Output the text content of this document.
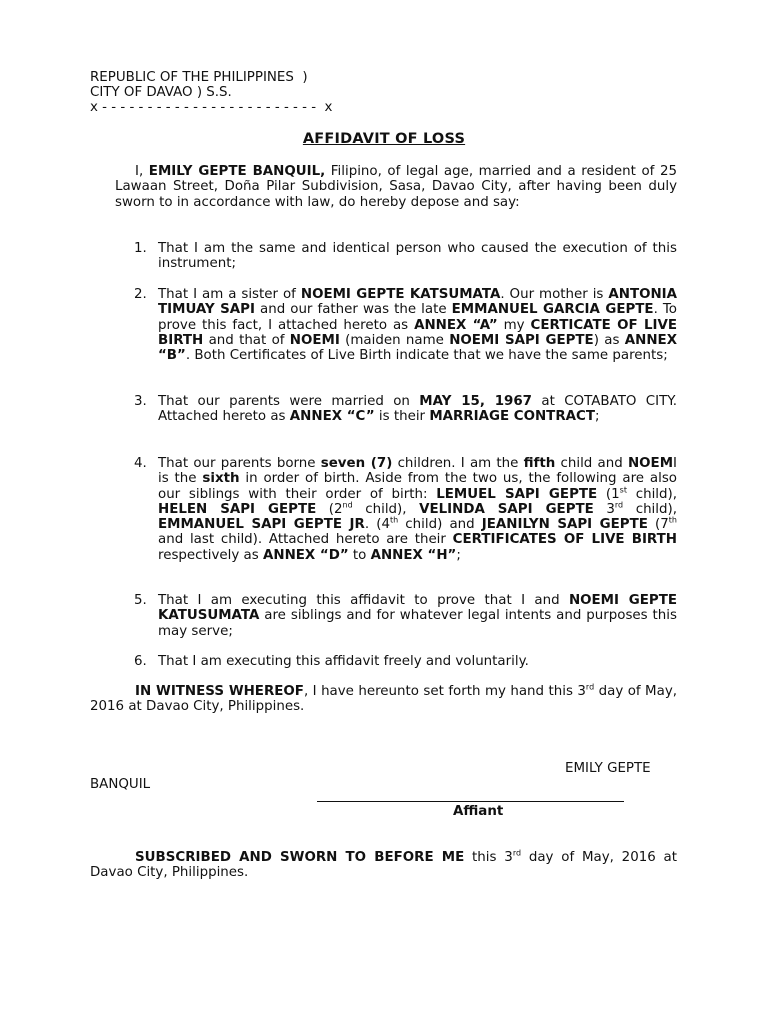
REPUBLIC OF THE PHILIPPINES  )
CITY OF DAVAO ) S.S.
x - - - - - - - - - - - - - - - - - - - - - - - -  x
AFFIDAVIT OF LOSS
I, EMILY GEPTE BANQUIL, Filipino, of legal age, married and a resident of 25 Lawaan Street, Doña Pilar Subdivision, Sasa, Davao City, after having been duly sworn to in accordance with law, do hereby depose and say:
1. That I am the same and identical person who caused the execution of this instrument;
2. That I am a sister of NOEMI GEPTE KATSUMATA. Our mother is ANTONIA TIMUAY SAPI and our father was the late EMMANUEL GARCIA GEPTE. To prove this fact, I attached hereto as ANNEX “A” my CERTICATE OF LIVE BIRTH and that of NOEMI (maiden name NOEMI SAPI GEPTE) as ANNEX “B”. Both Certificates of Live Birth indicate that we have the same parents;
3. That our parents were married on MAY 15, 1967 at COTABATO CITY. Attached hereto as ANNEX “C” is their MARRIAGE CONTRACT;
4. That our parents borne seven (7) children. I am the fifth child and NOEMI is the sixth in order of birth. Aside from the two us, the following are also our siblings with their order of birth: LEMUEL SAPI GEPTE (1st child), HELEN SAPI GEPTE (2nd child), VELINDA SAPI GEPTE 3rd child), EMMANUEL SAPI GEPTE JR. (4th child) and JEANILYN SAPI GEPTE (7th and last child). Attached hereto are their CERTIFICATES OF LIVE BIRTH respectively as ANNEX “D” to ANNEX “H”;
5. That I am executing this affidavit to prove that I and NOEMI GEPTE KATUSUMATA are siblings and for whatever legal intents and purposes this may serve;
6. That I am executing this affidavit freely and voluntarily.
IN WITNESS WHEREOF, I have hereunto set forth my hand this 3rd day of May, 2016 at Davao City, Philippines.
EMILY GEPTE
BANQUIL
Affiant
SUBSCRIBED AND SWORN TO BEFORE ME this 3rd day of May, 2016 at Davao City, Philippines.
